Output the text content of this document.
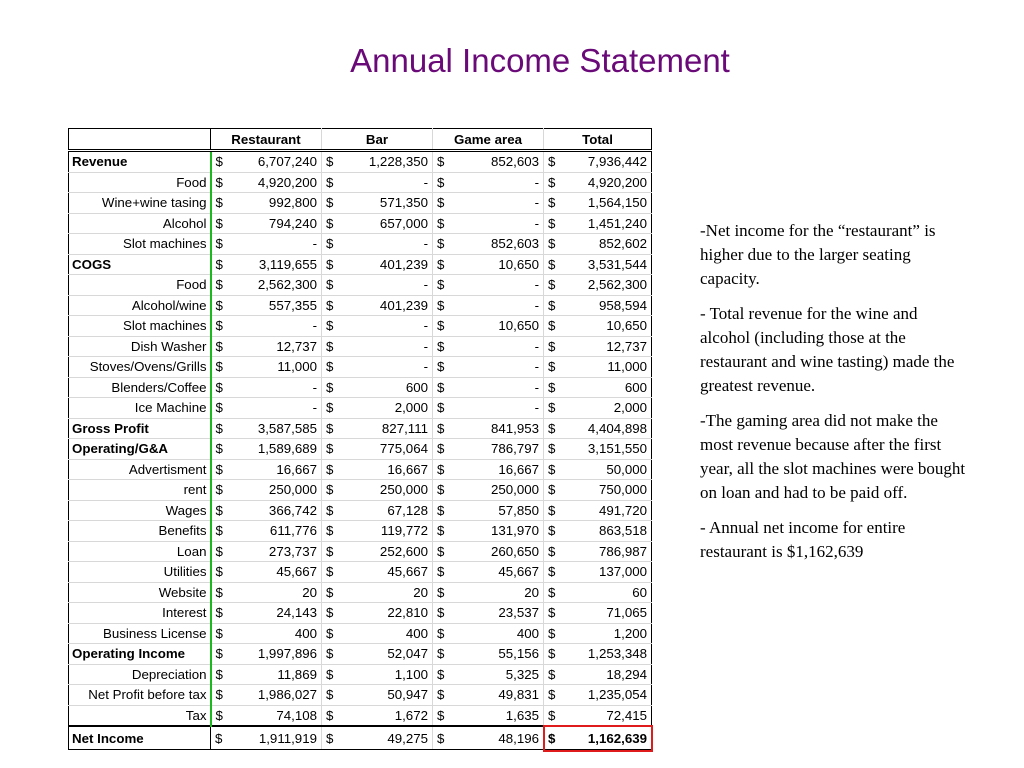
Annual Income Statement
	Restaurant		Bar		Game area		Total	
Revenue	$	6,707,240	$	1,228,350	$	852,603	$	7,936,442
Food	$	4,920,200	$	-	$	-	$	4,920,200
Wine+wine tasing	$	992,800	$	571,350	$	-	$	1,564,150
Alcohol	$	794,240	$	657,000	$	-	$	1,451,240
Slot machines	$	-	$	-	$	852,603	$	852,602
COGS	$	3,119,655	$	401,239	$	10,650	$	3,531,544
Food	$	2,562,300	$	-	$	-	$	2,562,300
Alcohol/wine	$	557,355	$	401,239	$	-	$	958,594
Slot machines	$	-	$	-	$	10,650	$	10,650
Dish Washer	$	12,737	$	-	$	-	$	12,737
Stoves/Ovens/Grills	$	11,000	$	-	$	-	$	11,000
Blenders/Coffee	$	-	$	600	$	-	$	600
Ice Machine	$	-	$	2,000	$	-	$	2,000
Gross Profit	$	3,587,585	$	827,111	$	841,953	$	4,404,898
Operating/G&A	$	1,589,689	$	775,064	$	786,797	$	3,151,550
Advertisment	$	16,667	$	16,667	$	16,667	$	50,000
rent	$	250,000	$	250,000	$	250,000	$	750,000
Wages	$	366,742	$	67,128	$	57,850	$	491,720
Benefits	$	611,776	$	119,772	$	131,970	$	863,518
Loan	$	273,737	$	252,600	$	260,650	$	786,987
Utilities	$	45,667	$	45,667	$	45,667	$	137,000
Website	$	20	$	20	$	20	$	60
Interest	$	24,143	$	22,810	$	23,537	$	71,065
Business License	$	400	$	400	$	400	$	1,200
Operating Income	$	1,997,896	$	52,047	$	55,156	$	1,253,348
Depreciation	$	11,869	$	1,100	$	5,325	$	18,294
Net Profit before tax	$	1,986,027	$	50,947	$	49,831	$	1,235,054
Tax	$	74,108	$	1,672	$	1,635	$	72,415
Net Income	$	1,911,919	$	49,275	$	48,196	$	1,162,639

-Net income for the “restaurant” is higher due to the larger seating capacity.

- Total revenue for the wine and alcohol (including those at the restaurant and wine tasting) made the greatest revenue.

-The gaming area did not make the most revenue because after the first year, all the slot machines were bought on loan and had to be paid off.

- Annual net income for entire restaurant is $1,162,639
